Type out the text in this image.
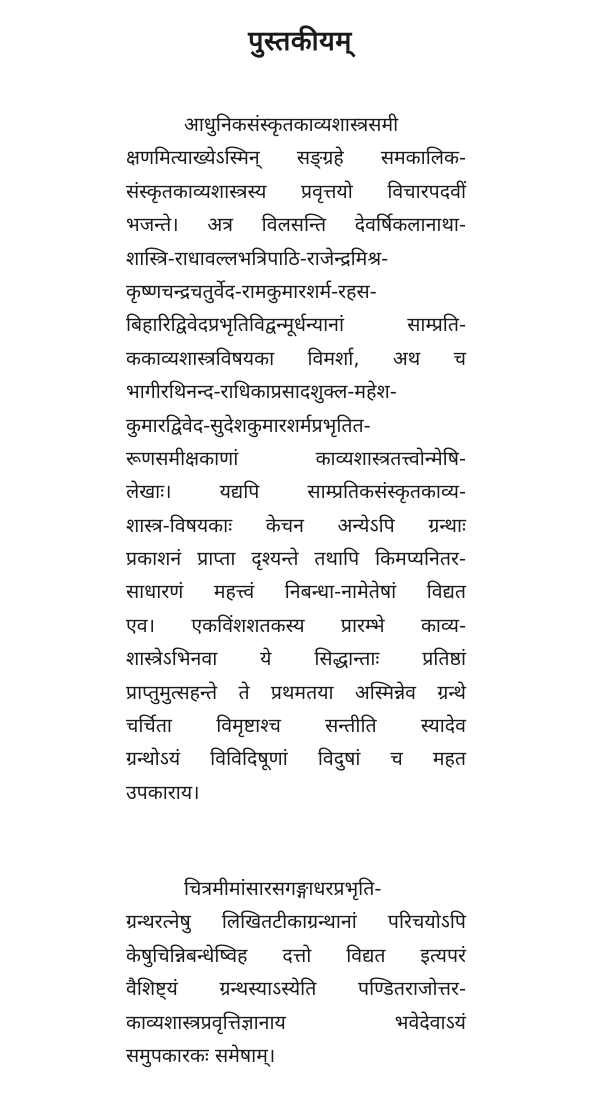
पुस्तकीयम्
आधुनिकसंस्कृतकाव्यशास्त्रसमी
क्षणमित्याख्येऽस्मिन् सङ्ग्रहे समकालिक-
संस्कृतकाव्यशास्त्रस्य प्रवृत्तयो विचारपदवीं
भजन्ते। अत्र विलसन्ति देवर्षिकलानाथा-
शास्त्रि-राधावल्लभत्रिपाठि-राजेन्द्रमिश्र-
कृष्णचन्द्रचतुर्वेद-रामकुमारशर्म-रहस-
बिहारिद्विवेदप्रभृतिविद्वन्मूर्धन्यानां साम्प्रति-
ककाव्यशास्त्रविषयका विमर्शा, अथ च
भागीरथिनन्द-राधिकाप्रसादशुक्ल-महेश-
कुमारद्विवेद-सुदेशकुमारशर्मप्रभृतित-
रूणसमीक्षकाणां काव्यशास्त्रतत्त्वोन्मेषि-
लेखाः। यद्यपि साम्प्रतिकसंस्कृतकाव्य-
शास्त्र-विषयकाः केचन अन्येऽपि ग्रन्थाः
प्रकाशनं प्राप्ता दृश्यन्ते तथापि किमप्यनितर-
साधारणं महत्त्वं निबन्धा-नामेतेषां विद्यत
एव। एकविंशशतकस्य प्रारम्भे काव्य-
शास्त्रेऽभिनवा ये सिद्धान्ताः प्रतिष्ठां
प्राप्तुमुत्सहन्ते ते प्रथमतया अस्मिन्नेव ग्रन्थे
चर्चिता विमृष्टाश्च सन्तीति स्यादेव
ग्रन्थोऽयं विविदिषूणां विदुषां च महत
उपकाराय।
चित्रमीमांसारसगङ्गाधरप्रभृति-
ग्रन्थरत्नेषु लिखितटीकाग्रन्थानां परिचयोऽपि
केषुचिन्निबन्धेष्विह दत्तो विद्यत इत्यपरं
वैशिष्ट्यं ग्रन्थस्याऽस्येति पण्डितराजोत्तर-
काव्यशास्त्रप्रवृत्तिज्ञानाय भवेदेवाऽयं
समुपकारकः समेषाम्।
